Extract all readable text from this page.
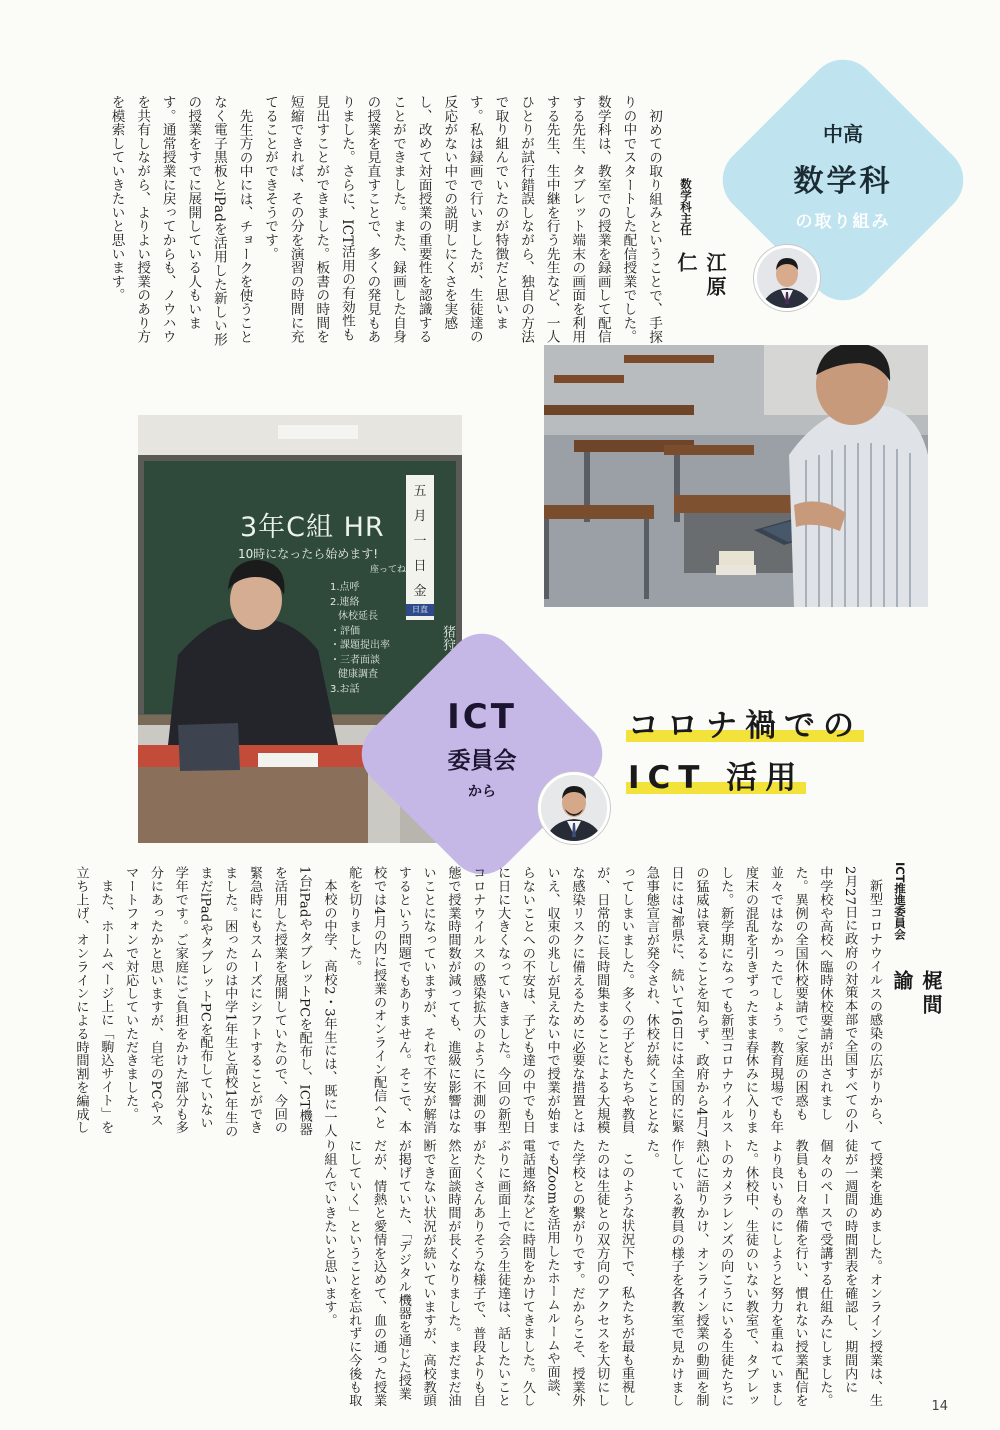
初めての取り組みということで、手探りの中でスタートした配信授業でした。数学科は、教室での授業を録画して配信する先生、タブレット端末の画面を利用する先生、生中継を行う先生など、一人ひとりが試行錯誤しながら、独自の方法で取り組んでいたのが特徴だと思います。私は録画で行いましたが、生徒達の反応がない中での説明しにくさを実感し、改めて対面授業の重要性を認識することができました。また、録画した自身の授業を見直すことで、多くの発見もありました。さらに、ICT活用の有効性も見出すことができました。板書の時間を短縮できれば、その分を演習の時間に充てることができそうです。

先生方の中には、チョークを使うことなく電子黒板とiPadを活用した新しい形の授業をすでに展開している人もいます。通常授業に戻ってからも、ノウハウを共有しながら、よりよい授業のあり方を模索していきたいと思います。	数学科主任
江原 仁
中高
数学科
の取り組み
3年C組 HR
10時になったら始めます!
座ってね
1.点呼
2.連絡
休校延長
・評価
・課題提出率
・三者面談
健康調査
3.お話
五
月
一
日
金
日直
猪狩
ICT
委員会
から
コロナ禍での
ICT 活用
ICT推進委員会
梶間 諭

新型コロナウイルスの感染の広がりから、2月27日に政府の対策本部で全国すべての小中学校や高校へ臨時休校要請が出されました。異例の全国休校要請でご家庭の困惑も並々ではなかったでしょう。教育現場でも年度末の混乱を引きずったまま春休みに入りました。新学期になっても新型コロナウイルスの猛威は衰えることを知らず、政府から4月7日には7都県に、続いて16日には全国的に緊急事態宣言が発令され、休校が続くこととなってしまいました。多くの子どもたちや教員が、日常的に長時間集まることによる大規模な感染リスクに備えるために必要な措置とはいえ、収束の兆しが見えない中で授業が始まらないことへの不安は、子ども達の中でも日に日に大きくなっていきました。今回の新型コロナウイルスの感染拡大のように不測の事態で授業時間数が減っても、進級に影響はないことになっていますが、それで不安が解消するという問題でもありません。そこで、本校では4月の内に授業のオンライン配信へと舵を切りました。

本校の中学、高校2・3年生には、既に一人1台iPadやタブレットPCを配布し、ICT機器を活用した授業を展開していたので、今回の緊急時にもスムーズにシフトすることができました。困ったのは中学1年生と高校1年生のまだiPadやタブレットPCを配布していない学年です。ご家庭にご負担をかけた部分も多分にあったかと思いますが、自宅のPCやスマートフォンで対応していただきました。

また、ホームページ上に「駒込サイト」を立ち上げ、オンラインによる時間割を編成して授業を進めました。オンライン授業は、生徒が一週間の時間割表を確認し、期間内に個々のペースで受講する仕組みにしました。教員も日々準備を行い、慣れない授業配信をより良いものにしようと努力を重ねていました。休校中、生徒のいない教室で、タブレットのカメラレンズの向こうにいる生徒たちに熱心に語りかけ、オンライン授業の動画を制作している教員の様子を各教室で見かけました。

このような状況下で、私たちが最も重視したのは生徒との双方向のアクセスを大切にした学校との繋がりです。だからこそ、授業外でもZoomを活用したホームルームや面談、電話連絡などに時間をかけてきました。久しぶりに画面上で会う生徒達は、話したいことがたくさんありそうな様子で、普段よりも自然と面談時間が長くなりました。まだまだ油断できない状況が続いていますが、高校教頭が掲げていた、「デジタル機器を通じた授業だが、情熱と愛情を込めて、血の通った授業にしていく」ということを忘れずに今後も取り組んでいきたいと思います。

14
